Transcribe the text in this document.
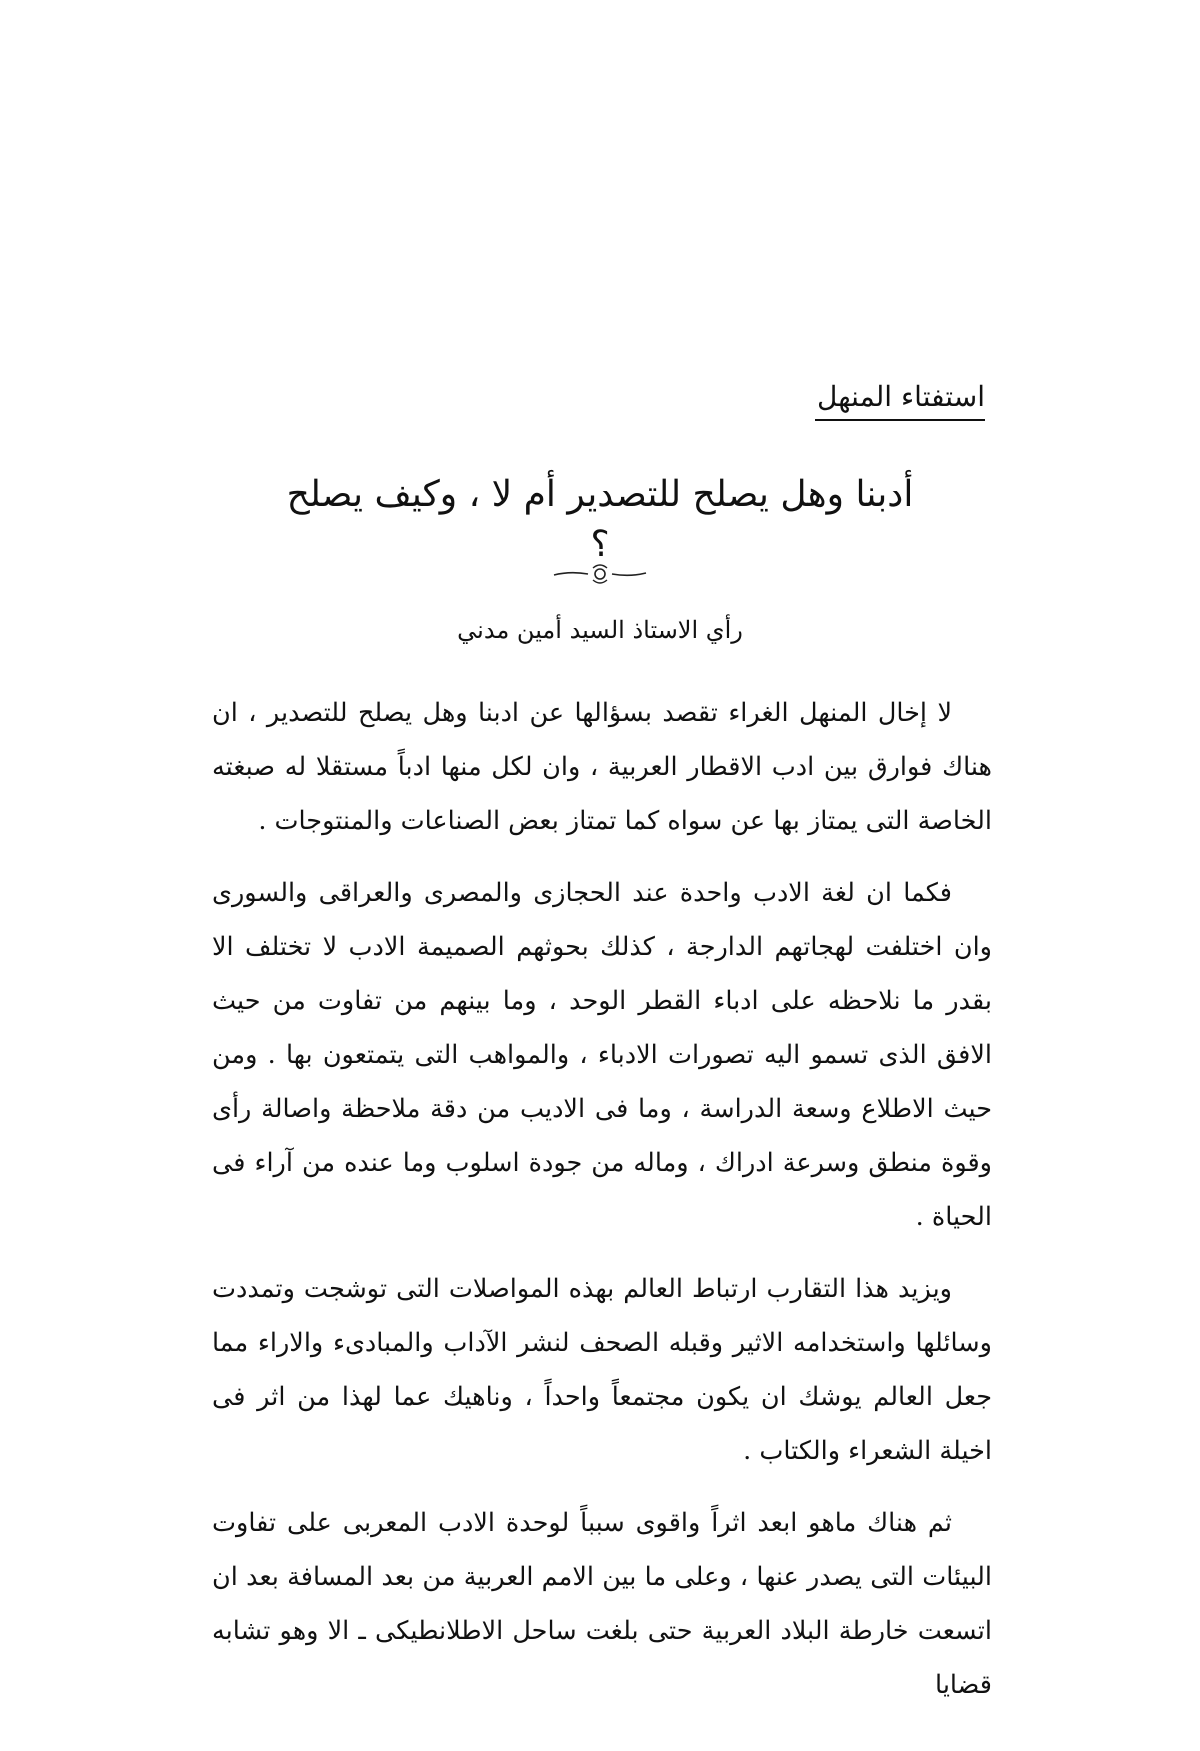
استفتاء المنهل
أدبنا وهل يصلح للتصدير أم لا ، وكيف يصلح ؟
رأي الاستاذ السيد أمين مدني

لا إخال المنهل الغراء تقصد بسؤالها عن ادبنا وهل يصلح للتصدير ، ان هناك فوارق بين ادب الاقطار العربية ، وان لكل منها ادباً مستقلا له صبغته الخاصة التى يمتاز بها عن سواه كما تمتاز بعض الصناعات والمنتوجات .

فكما ان لغة الادب واحدة عند الحجازى والمصرى والعراقى والسورى وان اختلفت لهجاتهم الدارجة ، كذلك بحوثهم الصميمة الادب لا تختلف الا بقدر ما نلاحظه على ادباء القطر الوحد ، وما بينهم من تفاوت من حيث الافق الذى تسمو اليه تصورات الادباء ، والمواهب التى يتمتعون بها . ومن حيث الاطلاع وسعة الدراسة ، وما فى الاديب من دقة ملاحظة واصالة رأى وقوة منطق وسرعة ادراك ، وماله من جودة اسلوب وما عنده من آراء فى الحياة .

ويزيد هذا التقارب ارتباط العالم بهذه المواصلات التى توشجت وتمددت وسائلها واستخدامه الاثير وقبله الصحف لنشر الآداب والمبادىء والاراء مما جعل العالم يوشك ان يكون مجتمعاً واحداً ، وناهيك عما لهذا من اثر فى اخيلة الشعراء والكتاب .

ثم هناك ماهو ابعد اثراً واقوى سبباً لوحدة الادب المعربى على تفاوت البيئات التى يصدر عنها ، وعلى ما بين الامم العربية من بعد المسافة بعد ان اتسعت خارطة البلاد العربية حتى بلغت ساحل الاطلانطيكى ـ الا وهو تشابه قضايا
